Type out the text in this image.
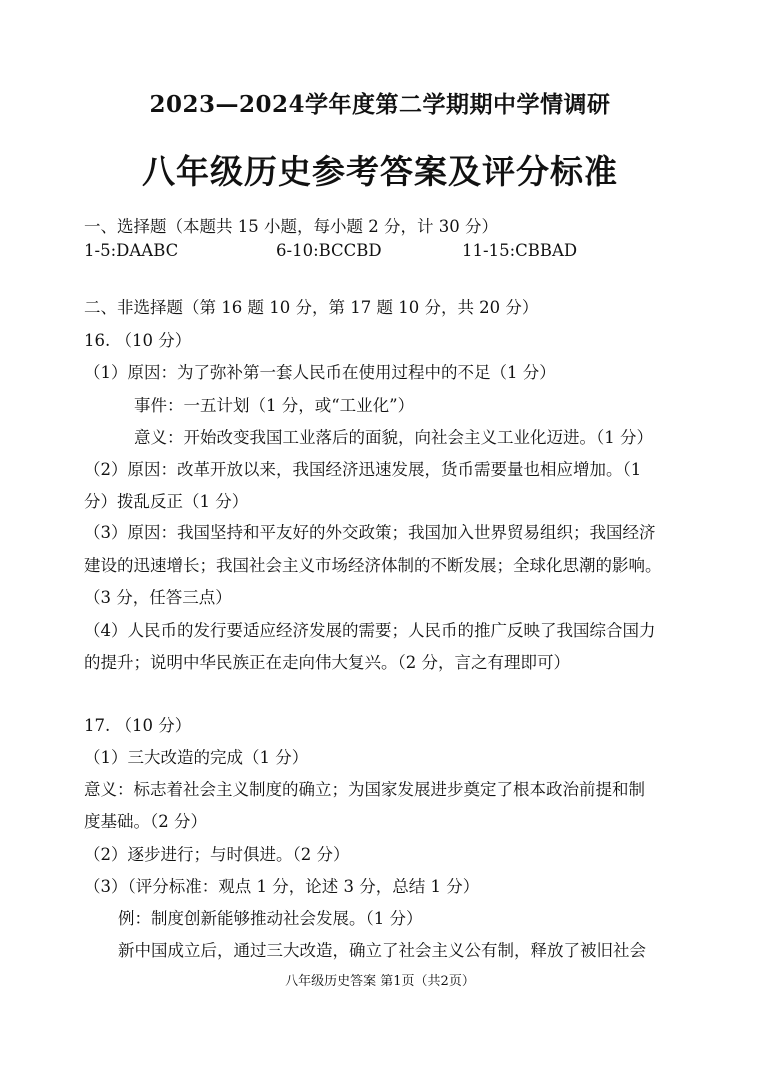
2023—2024学年度第二学期期中学情调研
八年级历史参考答案及评分标准
一、选择题（本题共 15 小题，每小题 2 分，计 30 分）
1-5:DAABC	6-10:BCCBD	11-15:CBBAD
二、非选择题（第 16 题 10 分，第 17 题 10 分，共 20 分）
16. （10 分）
（1）原因：为了弥补第一套人民币在使用过程中的不足（1 分）
事件：一五计划（1 分，或“工业化”）
意义：开始改变我国工业落后的面貌，向社会主义工业化迈进。（1 分）
（2）原因：改革开放以来，我国经济迅速发展，货币需要量也相应增加。（1
分）拨乱反正（1 分）
（3）原因：我国坚持和平友好的外交政策；我国加入世界贸易组织；我国经济
建设的迅速增长；我国社会主义市场经济体制的不断发展；全球化思潮的影响。
（3 分，任答三点）
（4）人民币的发行要适应经济发展的需要；人民币的推广反映了我国综合国力
的提升；说明中华民族正在走向伟大复兴。（2 分，言之有理即可）
17. （10 分）
（1）三大改造的完成（1 分）
意义：标志着社会主义制度的确立；为国家发展进步奠定了根本政治前提和制
度基础。（2 分）
（2）逐步进行；与时俱进。（2 分）
（3）（评分标准：观点 1 分，论述 3 分，总结 1 分）
例：制度创新能够推动社会发展。（1 分）
新中国成立后，通过三大改造，确立了社会主义公有制，释放了被旧社会
八年级历史答案 第1页（共2页）
